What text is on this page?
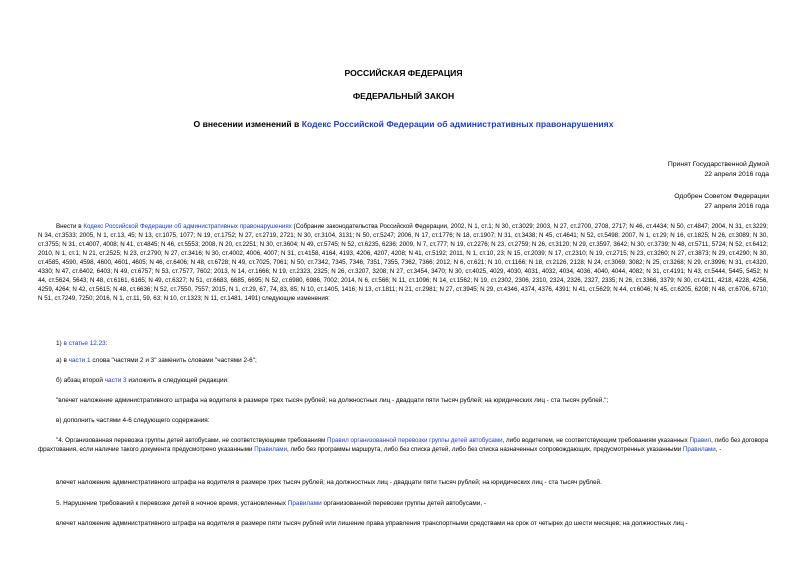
РОССИЙСКАЯ ФЕДЕРАЦИЯ
ФЕДЕРАЛЬНЫЙ ЗАКОН
О внесении изменений в Кодекс Российской Федерации об административных правонарушениях
Принят Государственной Думой
22 апреля 2016 года
Одобрен Советом Федерации
27 апреля 2016 года
Внести в Кодекс Российской Федерации об административных правонарушениях (Собрание законодательства Российской Федерации, 2002, N 1, ст.1; N 30, ст.3029; 2003, N 27, ст.2700, 2708, 2717; N 46, ст.4434; N 50, ст.4847; 2004, N 31, ст.3229; N 34, ст.3533; 2005, N 1, ст.13, 45; N 13, ст.1075, 1077; N 19, ст.1752; N 27, ст.2719, 2721; N 30, ст.3104, 3131; N 50, ст.5247; 2006, N 17, ст.1776; N 18, ст.1907; N 31, ст.3438; N 45, ст.4641; N 52, ст.5498; 2007, N 1, ст.29; N 16, ст.1825; N 26, ст.3089; N 30, ст.3755; N 31, ст.4007, 4008; N 41, ст.4845; N 46, ст.5553; 2008, N 20, ст.2251; N 30, ст.3604; N 49, ст.5745; N 52, ст.6235, 6236; 2009, N 7, ст.777; N 19, ст.2276; N 23, ст.2759; N 26, ст.3120; N 29, ст.3597, 3642; N 30, ст.3739; N 48, ст.5711, 5724; N 52, ст.6412; 2010, N 1, ст.1; N 21, ст.2525; N 23, ст.2790; N 27, ст.3416; N 30, ст.4002, 4006, 4007; N 31, ст.4158, 4164, 4193, 4206, 4207, 4208; N 41, ст.5192; 2011, N 1, ст.10, 23; N 15, ст.2039; N 17, ст.2310; N 19, ст.2715; N 23, ст.3260; N 27, ст.3873; N 29, ст.4290; N 30, ст.4585, 4590, 4598, 4600, 4601, 4605; N 46, ст.6406; N 48, ст.6728; N 49, ст.7025, 7061; N 50, ст.7342, 7345, 7346, 7351, 7355, 7362, 7366; 2012, N 6, ст.621; N 10, ст.1166; N 18, ст.2126, 2128; N 24, ст.3069, 3082; N 25, ст.3268; N 29, ст.3996; N 31, ст.4320, 4330; N 47, ст.6402, 6403; N 49, ст.6757; N 53, ст.7577, 7602; 2013, N 14, ст.1666; N 19, ст.2323, 2325; N 26, ст.3207, 3208; N 27, ст.3454, 3470; N 30, ст.4025, 4029, 4030, 4031, 4032, 4034, 4036, 4040, 4044, 4082; N 31, ст.4191; N 43, ст.5444, 5445, 5452; N 44, ст.5624, 5643; N 48, ст.6161, 6165; N 49, ст.6327; N 51, ст.6683, 6685, 6695; N 52, ст.6980, 6986, 7002; 2014, N 6, ст.566; N 11, ст.1096; N 14, ст.1562; N 19, ст.2302, 2306, 2310, 2324, 2326, 2327, 2335; N 26, ст.3366, 3379; N 30, ст.4211, 4218, 4228, 4256, 4259, 4264; N 42, ст.5615; N 48, ст.6636; N 52, ст.7550, 7557; 2015, N 1, ст.29, 67, 74, 83, 85; N 10, ст.1405, 1416; N 13, ст.1811; N 21, ст.2981; N 27, ст.3945; N 29, ст.4346, 4374, 4376, 4391; N 41, ст.5629; N 44, ст.6046; N 45, ст.6205, 6208; N 48, ст.6706, 6710; N 51, ст.7249, 7250; 2016, N 1, ст.11, 59, 63; N 10, ст.1323; N 11, ст.1481, 1491) следующие изменения:
1) в статье 12.23:
а) в части 1 слова "частями 2 и 3" заменить словами "частями 2-6";
б) абзац второй части 3 изложить в следующей редакции:
"влечет наложение административного штрафа на водителя в размере трех тысяч рублей; на должностных лиц - двадцати пяти тысяч рублей; на юридических лиц - ста тысяч рублей.";
в) дополнить частями 4-6 следующего содержания:
"4. Организованная перевозка группы детей автобусами, не соответствующими требованиям Правил организованной перевозки группы детей автобусами, либо водителем, не соответствующим требованиям указанных Правил, либо без договора фрахтования, если наличие такого документа предусмотрено указанными Правилами, либо без программы маршрута, либо без списка детей, либо без списка назначенных сопровождающих, предусмотренных указанными Правилами, -
влечет наложение административного штрафа на водителя в размере трех тысяч рублей; на должностных лиц - двадцати пяти тысяч рублей; на юридических лиц - ста тысяч рублей.
5. Нарушение требований к перевозке детей в ночное время, установленных Правилами организованной перевозки группы детей автобусами, -
влечет наложение административного штрафа на водителя в размере пяти тысяч рублей или лишение права управления транспортными средствами на срок от четырех до шести месяцев; на должностных лиц -
